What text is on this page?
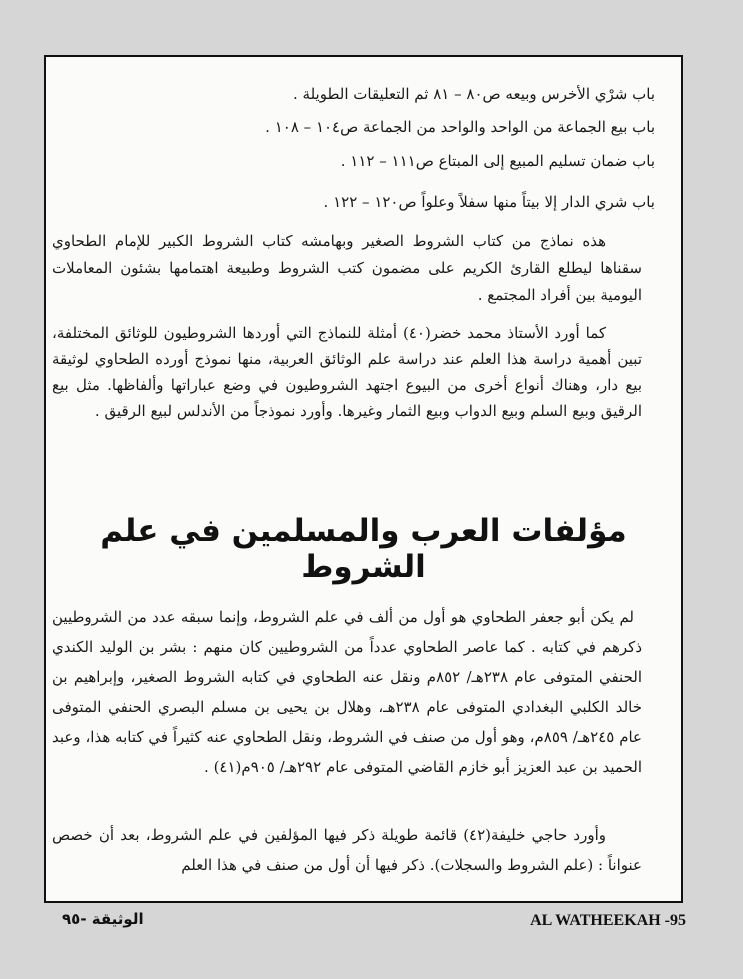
باب شرْي الأخرس وبيعه ص٨٠ – ٨١ ثم التعليقات الطويلة .
باب بيع الجماعة من الواحد والواحد من الجماعة ص١٠٤ – ١٠٨ .
باب ضمان تسليم المبيع إلى المبتاع ص١١١ – ١١٢ .
باب شري الدار إلا بيتاً منها سفلاً وعلواً ص١٢٠ – ١٢٢ .

هذه نماذج من كتاب الشروط الصغير وبهامشه كتاب الشروط الكبير للإمام الطحاوي سقناها ليطلع القارئ الكريم على مضمون كتب الشروط وطبيعة اهتمامها بشئون المعاملات اليومية بين أفراد المجتمع .

كما أورد الأستاذ محمد خضر(٤٠) أمثلة للنماذج التي أوردها الشروطيون للوثائق المختلفة، تبين أهمية دراسة هذا العلم عند دراسة علم الوثائق العربية، منها نموذج أورده الطحاوي لوثيقة بيع دار، وهناك أنواع أخرى من البيوع اجتهد الشروطيون في وضع عباراتها وألفاظها. مثل بيع الرقيق وبيع السلم وبيع الدواب وبيع الثمار وغيرها. وأورد نموذجاً من الأندلس لبيع الرقيق .

مؤلفات العرب والمسلمين في علم الشروط

لم يكن أبو جعفر الطحاوي هو أول من ألف في علم الشروط، وإنما سبقه عدد من الشروطيين ذكرهم في كتابه . كما عاصر الطحاوي عدداً من الشروطيين كان منهم : بشر بن الوليد الكندي الحنفي المتوفى عام ٢٣٨هـ/ ٨٥٢م ونقل عنه الطحاوي في كتابه الشروط الصغير، وإبراهيم بن خالد الكلبي البغدادي المتوفى عام ٢٣٨هـ، وهلال بن يحيى بن مسلم البصري الحنفي المتوفى عام ٢٤٥هـ/ ٨٥٩م، وهو أول من صنف في الشروط، ونقل الطحاوي عنه كثيراً في كتابه هذا، وعبد الحميد بن عبد العزيز أبو خازم القاضي المتوفى عام ٢٩٢هـ/ ٩٠٥م(٤١) .

وأورد حاجي خليفة(٤٢) قائمة طويلة ذكر فيها المؤلفين في علم الشروط، بعد أن خصص عنواناً : (علم الشروط والسجلات). ذكر فيها أن أول من صنف في هذا العلم

AL WATHEEKAH -95
الوثيقة -٩٥
